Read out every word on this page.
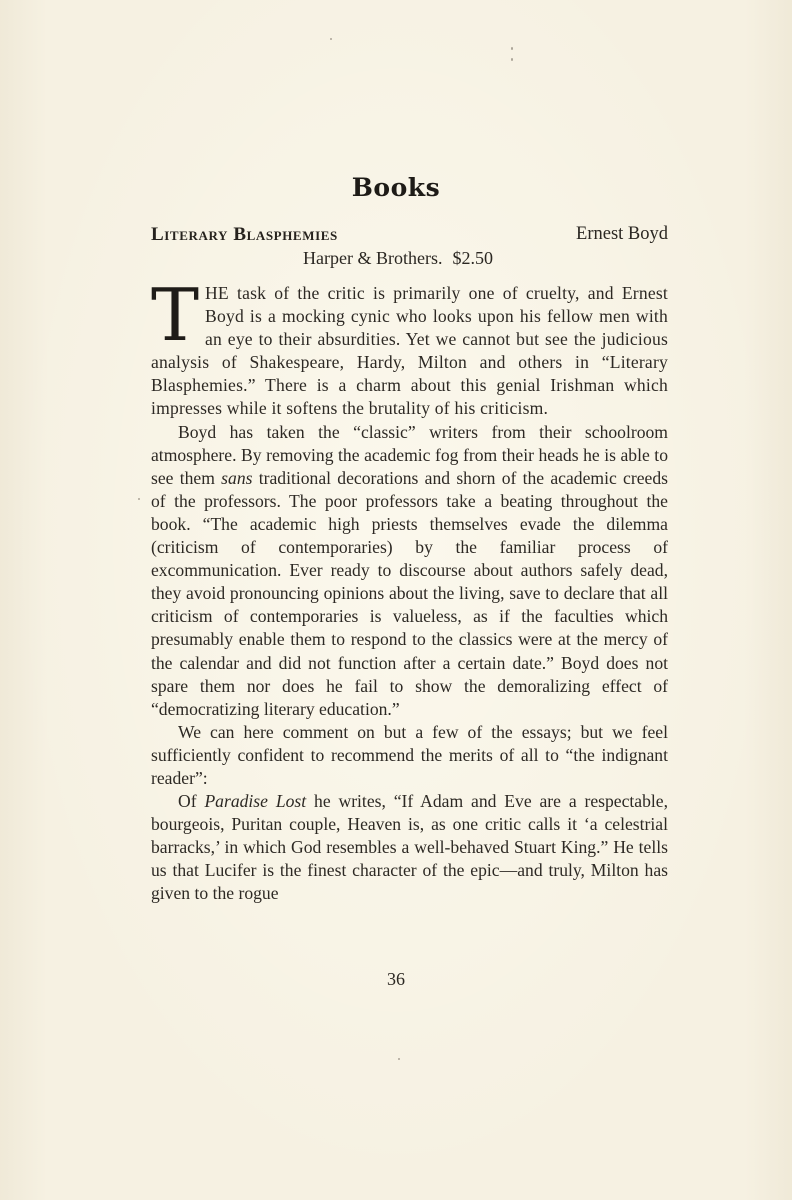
Books
Literary Blasphemies	Ernest Boyd
Harper & Brothers. $2.50

THE task of the critic is primarily one of cruelty, and Ernest Boyd is a mocking cynic who looks upon his fellow men with an eye to their absurdities. Yet we cannot but see the judicious analysis of Shakespeare, Hardy, Milton and others in “Literary Blasphemies.” There is a charm about this genial Irishman which impresses while it softens the brutality of his criticism.

Boyd has taken the “classic” writers from their schoolroom atmosphere. By removing the academic fog from their heads he is able to see them sans traditional decorations and shorn of the academic creeds of the professors. The poor professors take a beating throughout the book. “The academic high priests themselves evade the dilemma (criticism of contemporaries) by the familiar process of excommunication. Ever ready to discourse about authors safely dead, they avoid pronouncing opinions about the living, save to declare that all criticism of contemporaries is valueless, as if the faculties which presumably enable them to respond to the classics were at the mercy of the calendar and did not function after a certain date.” Boyd does not spare them nor does he fail to show the demoralizing effect of “democratizing literary education.”

We can here comment on but a few of the essays; but we feel sufficiently confident to recommend the merits of all to “the indignant reader”:

Of Paradise Lost he writes, “If Adam and Eve are a respectable, bourgeois, Puritan couple, Heaven is, as one critic calls it ‘a celestrial barracks,’ in which God resembles a well-behaved Stuart King.” He tells us that Lucifer is the finest character of the epic—and truly, Milton has given to the rogue

36
